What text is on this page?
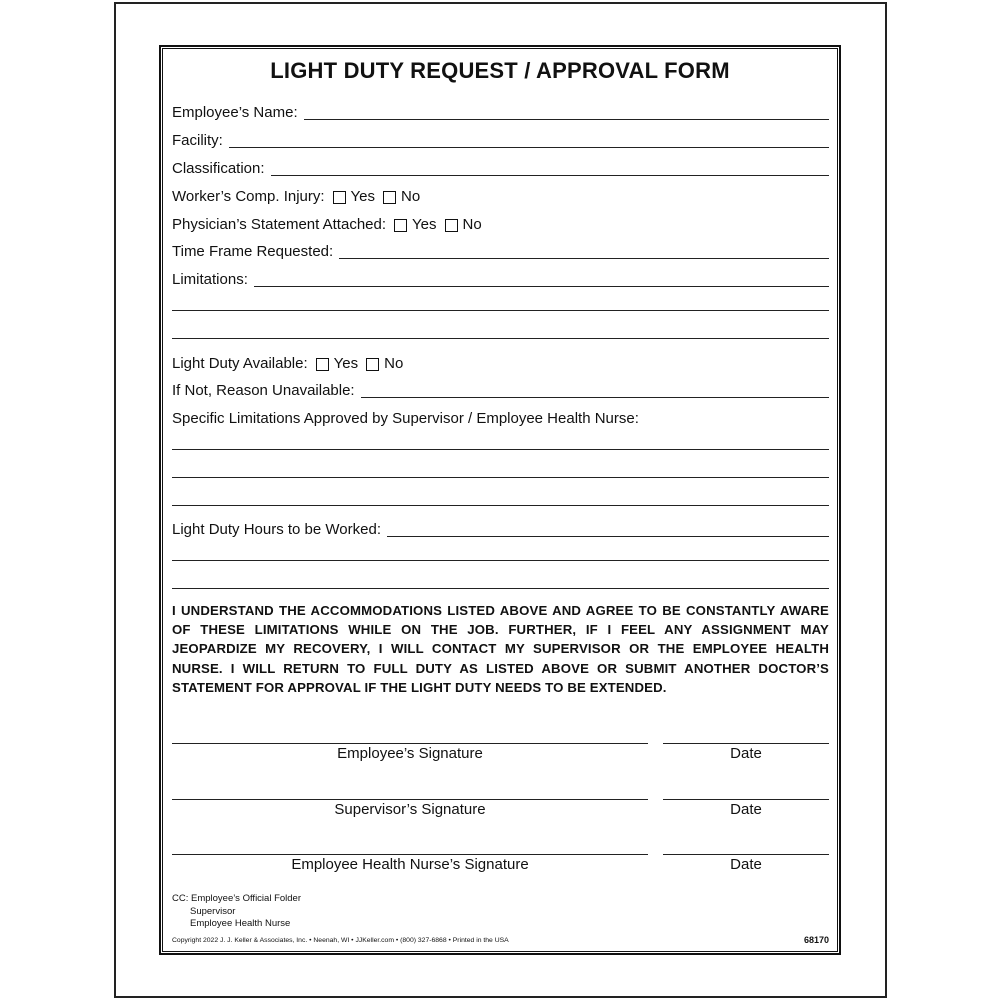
LIGHT DUTY REQUEST / APPROVAL FORM
Employee’s Name:
Facility:
Classification:
Worker’s Comp. Injury: Yes No
Physician’s Statement Attached: Yes No
Time Frame Requested:
Limitations:
Light Duty Available: Yes No
If Not, Reason Unavailable:
Specific Limitations Approved by Supervisor / Employee Health Nurse:
Light Duty Hours to be Worked:
I UNDERSTAND THE ACCOMMODATIONS LISTED ABOVE AND AGREE TO BE CONSTANTLY AWARE OF THESE LIMITATIONS WHILE ON THE JOB. FURTHER, IF I FEEL ANY ASSIGNMENT MAY JEOPARDIZE MY RECOVERY, I WILL CONTACT MY SUPERVISOR OR THE EMPLOYEE HEALTH NURSE. I WILL RETURN TO FULL DUTY AS LISTED ABOVE OR SUBMIT ANOTHER DOCTOR’S STATEMENT FOR APPROVAL IF THE LIGHT DUTY NEEDS TO BE EXTENDED.
Employee’s Signature	Date
Supervisor’s Signature	Date
Employee Health Nurse’s Signature	Date
CC: Employee’s Official Folder
Supervisor
Employee Health Nurse
Copyright 2022 J. J. Keller & Associates, Inc. • Neenah, WI • JJKeller.com • (800) 327-6868 • Printed in the USA	68170
